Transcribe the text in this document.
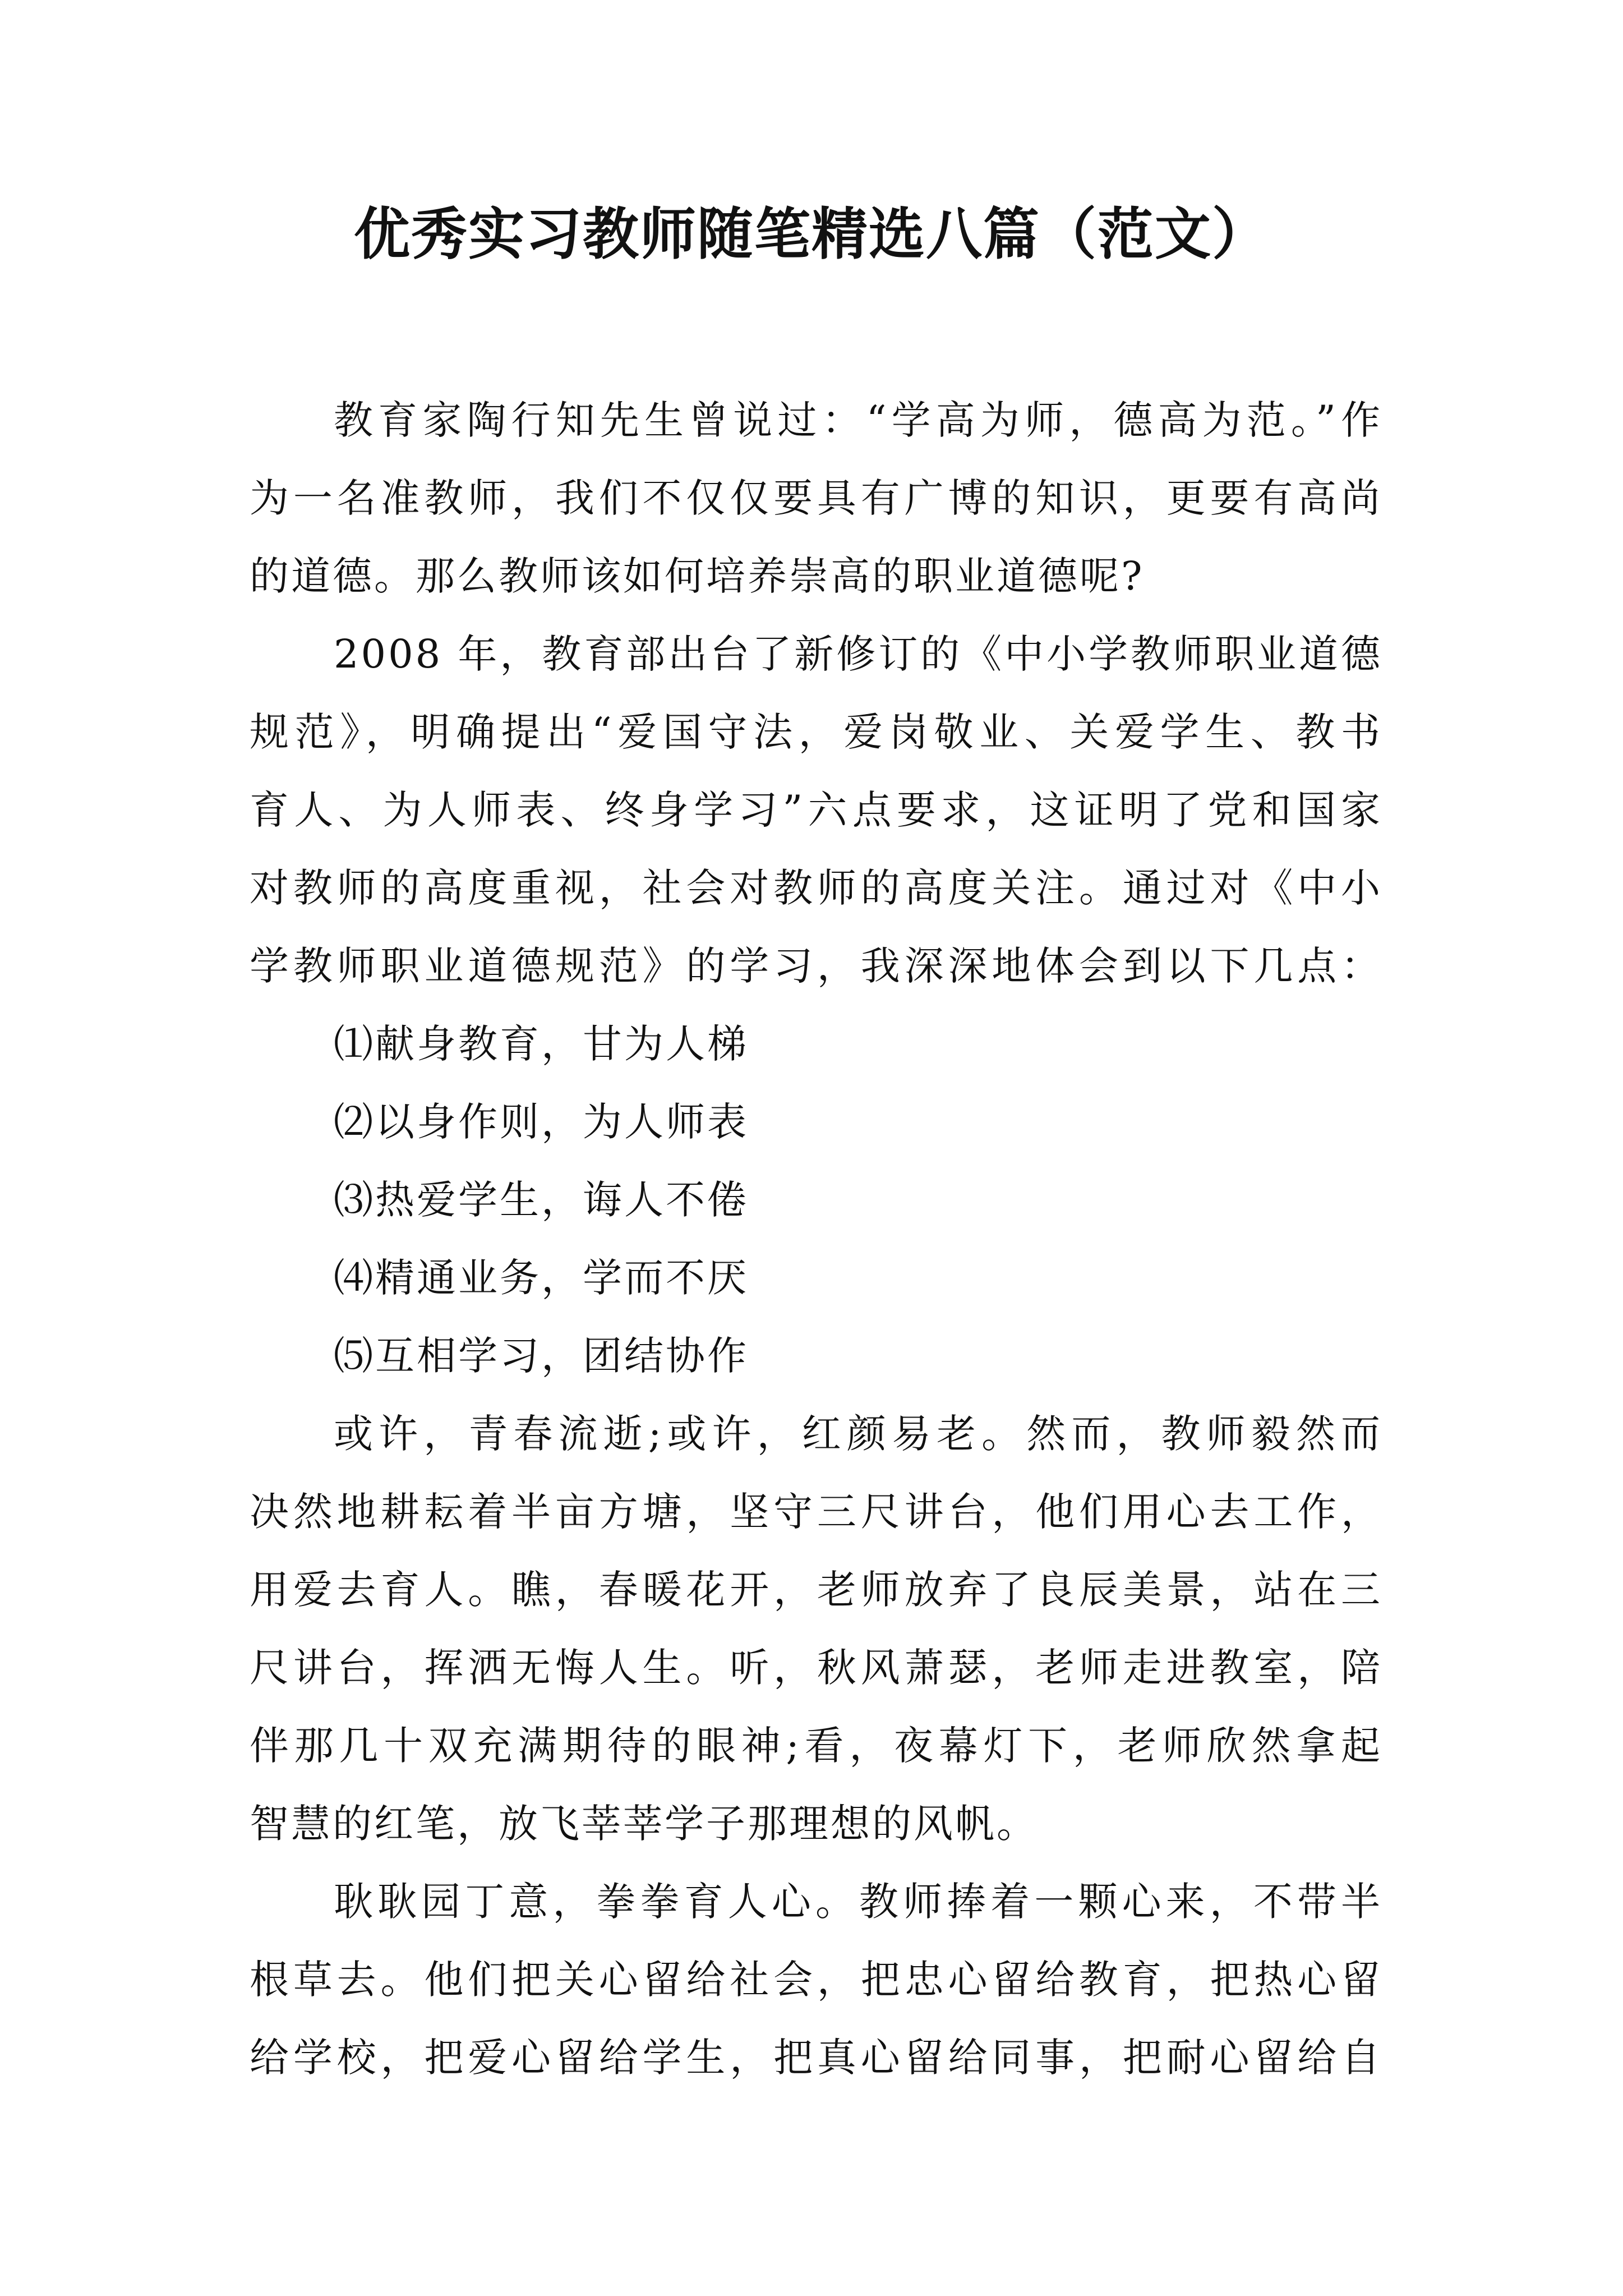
优秀实习教师随笔精选八篇（范文）
教育家陶行知先生曾说过：“学高为师，德高为范。”作
为一名准教师，我们不仅仅要具有广博的知识，更要有高尚
的道德。那么教师该如何培养崇高的职业道德呢?
2008 年，教育部出台了新修订的《中小学教师职业道德
规范》，明确提出“爱国守法，爱岗敬业、关爱学生、教书
育人、为人师表、终身学习”六点要求，这证明了党和国家
对教师的高度重视，社会对教师的高度关注。通过对《中小
学教师职业道德规范》的学习，我深深地体会到以下几点：
⑴献身教育，甘为人梯
⑵以身作则，为人师表
⑶热爱学生，诲人不倦
⑷精通业务，学而不厌
⑸互相学习，团结协作
或许，青春流逝;或许，红颜易老。然而，教师毅然而
决然地耕耘着半亩方塘，坚守三尺讲台，他们用心去工作，
用爱去育人。瞧，春暖花开，老师放弃了良辰美景，站在三
尺讲台，挥洒无悔人生。听，秋风萧瑟，老师走进教室，陪
伴那几十双充满期待的眼神;看，夜幕灯下，老师欣然拿起
智慧的红笔，放飞莘莘学子那理想的风帆。
耿耿园丁意，拳拳育人心。教师捧着一颗心来，不带半
根草去。他们把关心留给社会，把忠心留给教育，把热心留
给学校，把爱心留给学生，把真心留给同事，把耐心留给自
